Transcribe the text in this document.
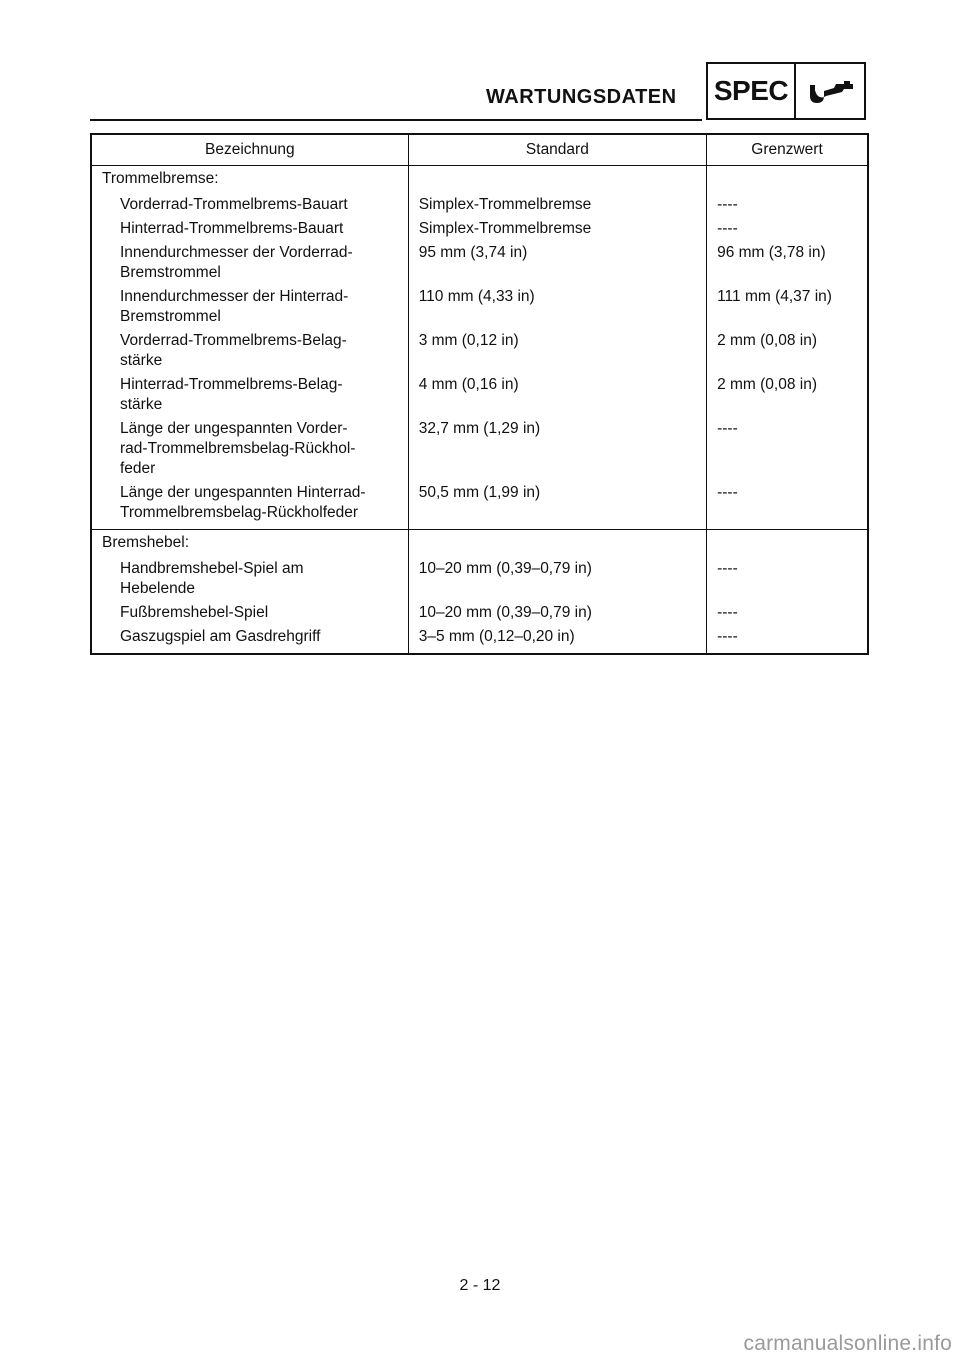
WARTUNGSDATEN SPEC
Bezeichnung	Standard	Grenzwert
Trommelbremse:		
Vorderrad-Trommelbrems-Bauart	Simplex-Trommelbremse	----
Hinterrad-Trommelbrems-Bauart	Simplex-Trommelbremse	----
Innendurchmesser der Vorderrad-
Bremstrommel	95 mm (3,74 in)	96 mm (3,78 in)
Innendurchmesser der Hinterrad-
Bremstrommel	110 mm (4,33 in)	111 mm (4,37 in)
Vorderrad-Trommelbrems-Belag-
stärke	3 mm (0,12 in)	2 mm (0,08 in)
Hinterrad-Trommelbrems-Belag-
stärke	4 mm (0,16 in)	2 mm (0,08 in)
Länge der ungespannten Vorder-
rad-Trommelbremsbelag-Rückhol-
feder	32,7 mm (1,29 in)	----
Länge der ungespannten Hinterrad-
Trommelbremsbelag-Rückholfeder	50,5 mm (1,99 in)	----
Bremshebel:		
Handbremshebel-Spiel am
Hebelende	10–20 mm (0,39–0,79 in)	----
Fußbremshebel-Spiel	10–20 mm (0,39–0,79 in)	----
Gaszugspiel am Gasdrehgriff	3–5 mm (0,12–0,20 in)	----
2 - 12
carmanualsonline.info
